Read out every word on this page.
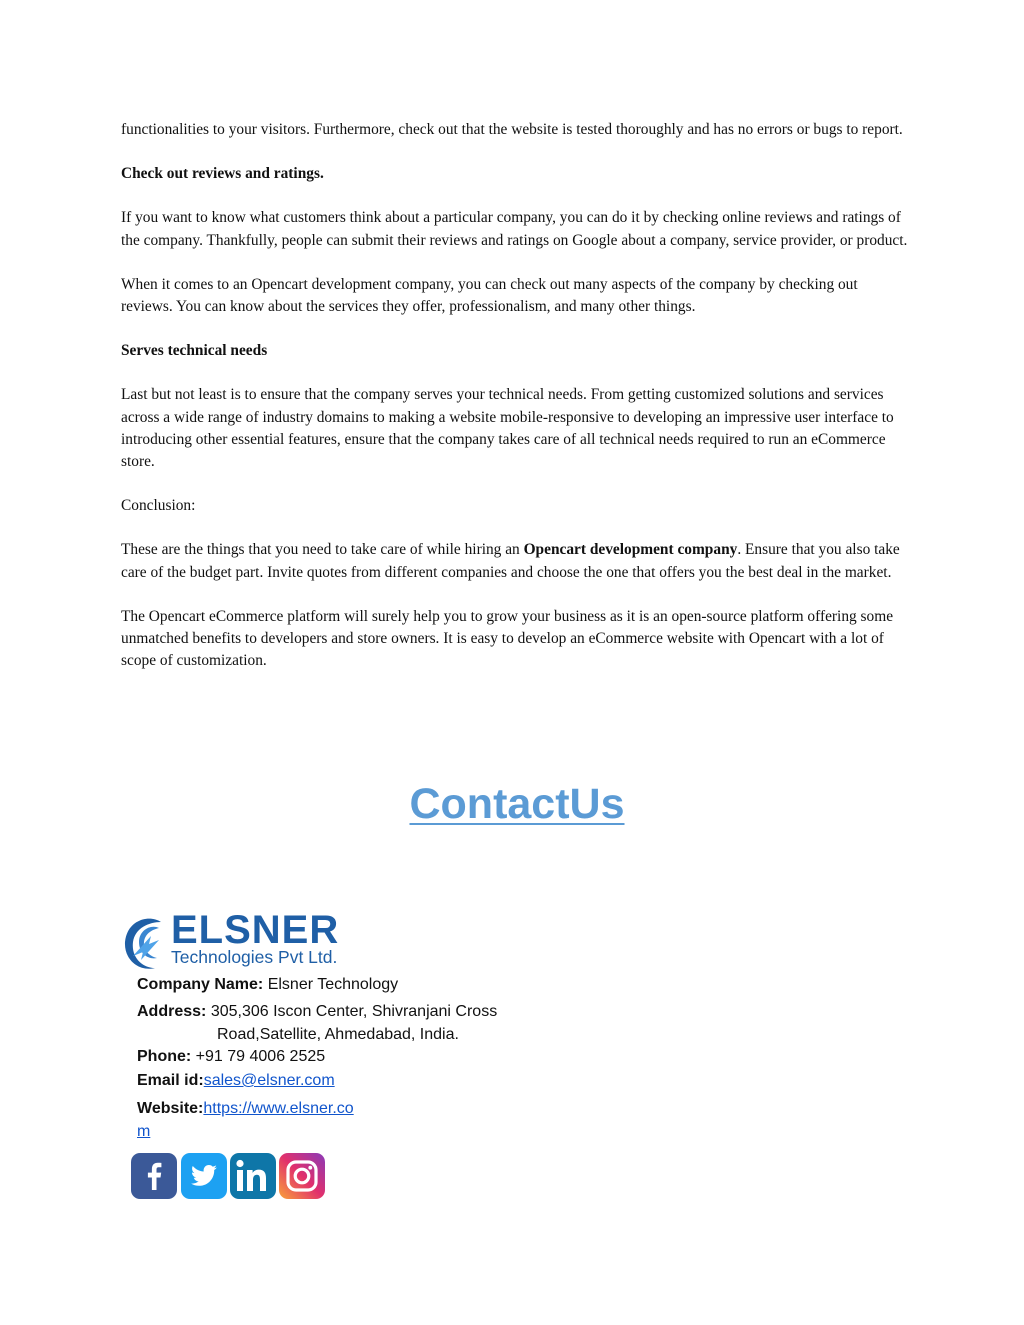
functionalities to your visitors. Furthermore, check out that the website is tested thoroughly and has no errors or bugs to report.

Check out reviews and ratings.

If you want to know what customers think about a particular company, you can do it by checking online reviews and ratings of the company. Thankfully, people can submit their reviews and ratings on Google about a company, service provider, or product.

When it comes to an Opencart development company, you can check out many aspects of the company by checking out reviews. You can know about the services they offer, professionalism, and many other things.

Serves technical needs

Last but not least is to ensure that the company serves your technical needs. From getting customized solutions and services across a wide range of industry domains to making a website mobile-responsive to developing an impressive user interface to introducing other essential features, ensure that the company takes care of all technical needs required to run an eCommerce store.

Conclusion:

These are the things that you need to take care of while hiring an Opencart development company. Ensure that you also take care of the budget part. Invite quotes from different companies and choose the one that offers you the best deal in the market.

The Opencart eCommerce platform will surely help you to grow your business as it is an open-source platform offering some unmatched benefits to developers and store owners. It is easy to develop an eCommerce website with Opencart with a lot of scope of customization.

ContactUs
ELSNER
Technologies Pvt Ltd.
Company Name: Elsner Technology
Address: 305,306 Iscon Center, Shivranjani Cross
Road,Satellite, Ahmedabad, India.
Phone: +91 79 4006 2525
Email id:sales@elsner.com
Website:https://www.elsner.co
m
